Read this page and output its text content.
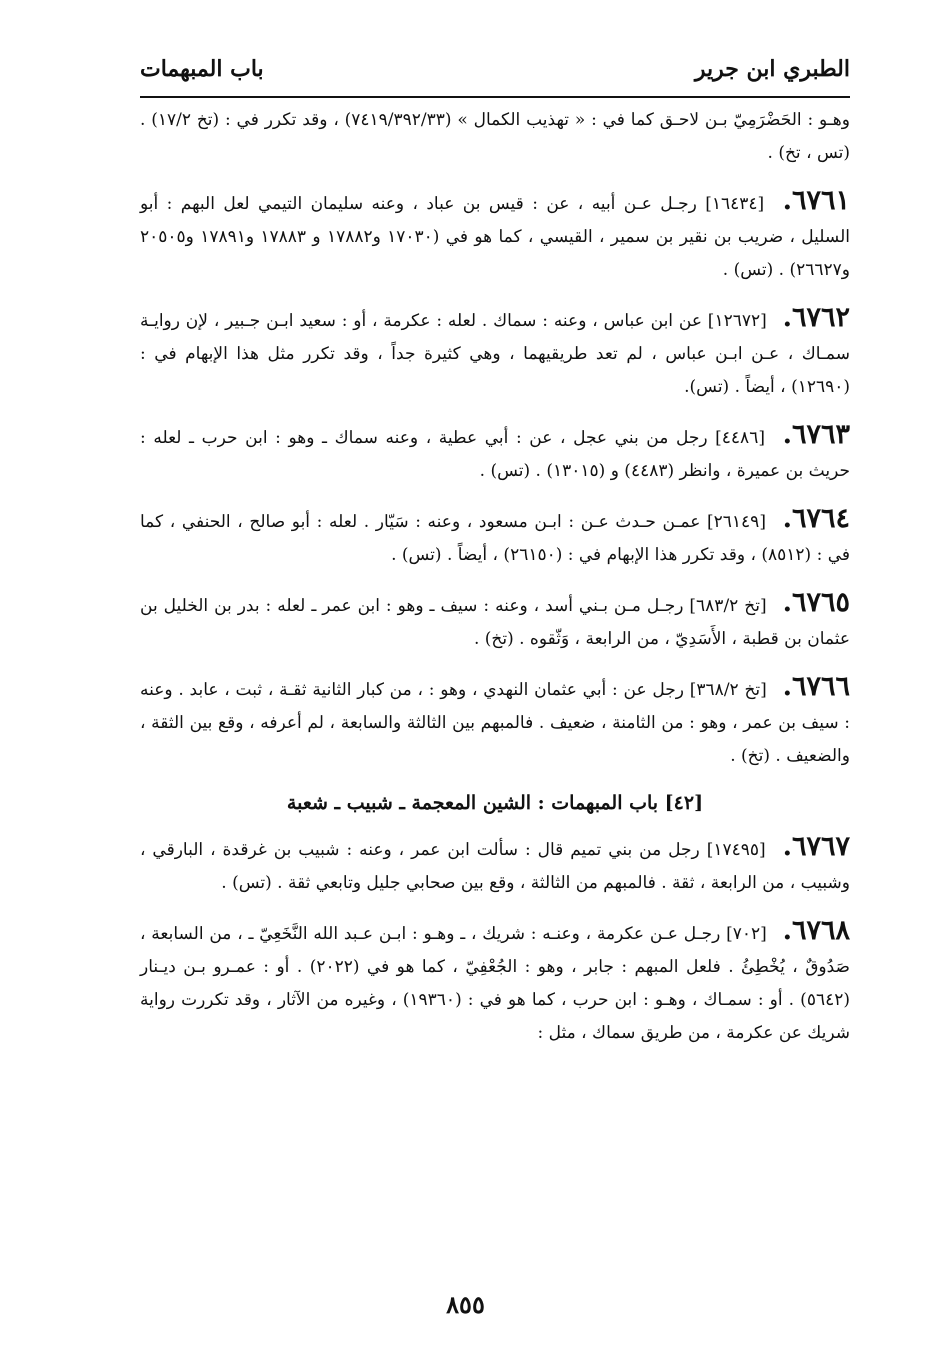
الطبري ابن جرير
باب المبهمات

وهـو : الحَضْرَمِيّ بـن لاحـق كما في : « تهذيب الكمال » (٧٤١٩/٣٩٢/٣٣) ، وقد تكرر في : (تخ ١٧/٢) . (تس ، تخ) .

٦٧٦١. [١٦٤٣٤] رجـل عـن أبيه ، عن : قيس بن عباد ، وعنه سليمان التيمي لعل البهم : أبو السليل ، ضريب بن نقير بن سمير ، القيسي ، كما هو في (١٧٠٣٠ و١٧٨٨٢ و ١٧٨٨٣ و١٧٨٩١ و٢٠٥٠٥ و٢٦٦٢٧) . (تس) .

٦٧٦٢. [١٢٦٧٢] عن ابن عباس ، وعنه : سماك . لعله : عكرمة ، أو : سعيد ابـن جـبير ، لإن روايـة سمـاك ، عـن ابـن عباس ، لم تعد طريقيهما ، وهي كثيرة جداً ، وقد تكرر مثل هذا الإبهام في : (١٢٦٩٠) ، أيضاً . (تس).

٦٧٦٣. [٤٤٨٦] رجل من بني عجل ، عن : أبي عطية ، وعنه سماك ـ وهو : ابن حرب ـ لعله : حريث بن عميرة ، وانظر (٤٤٨٣) و (١٣٠١٥) . (تس) .

٦٧٦٤. [٢٦١٤٩] عمـن حـدث عـن : ابـن مسعود ، وعنه : سَيّار . لعله : أبو صالح ، الحنفي ، كما في : (٨٥١٢) ، وقد تكرر هذا الإبهام في : (٢٦١٥٠) ، أيضاً . (تس) .

٦٧٦٥. [تخ ٦٨٣/٢] رجـل مـن بـني أسد ، وعنه : سيف ـ وهو : ابن عمر ـ لعله : بدر بن الخليل بن عثمان بن قطبة ، الأَسَدِيّ ، من الرابعة ، وَثّقوه . (تخ) .

٦٧٦٦. [تخ ٣٦٨/٢] رجل عن : أبي عثمان النهدي ، وهو : ، من كبار الثانية ثقـة ، ثبت ، عابد . وعنه : سيف بن عمر ، وهو : من الثامنة ، ضعيف . فالمبهم بين الثالثة والسابعة ، لم أعرفه ، وقع بين الثقة ، والضعيف . (تخ) .

[٤٢] باب المبهمات : الشين المعجمة ـ شبيب ـ شعبة

٦٧٦٧. [١٧٤٩٥] رجل من بني تميم قال : سألت ابن عمر ، وعنه : شبيب بن غرقدة ، البارقي ، وشبيب ، من الرابعة ، ثقة . فالمبهم من الثالثة ، وقع بين صحابي جليل وتابعي ثقة . (تس) .

٦٧٦٨. [٧٠٢] رجـل عـن عكرمة ، وعنـه : شريك ، ـ وهـو : ابـن عـبد الله النَّخَعِيّ ـ ، من السابعة ، صَدُوقٌ ، يُخْطِئُ . فلعل المبهم : جابر ، وهو : الجُعْفِيّ ، كما هو في (٢٠٢٢) . أو : عمـرو بـن ديـنار (٥٦٤٢) . أو : سمـاك ، وهـو : ابن حرب ، كما هو في : (١٩٣٦٠) ، وغيره من الآثار ، وقد تكررت رواية شريك عن عكرمة ، من طريق سماك ، مثل :

٨٥٥
